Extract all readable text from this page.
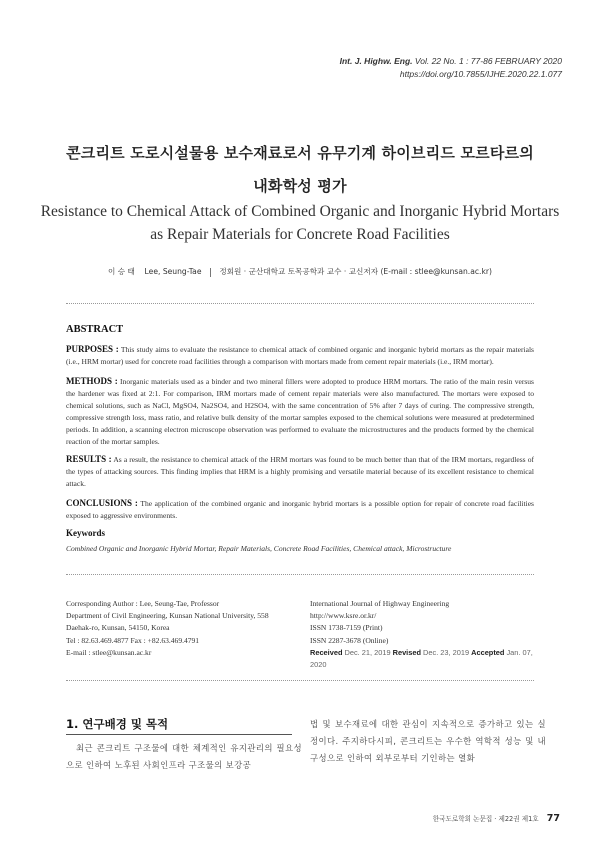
Int. J. Highw. Eng. Vol. 22 No. 1 : 77-86 FEBRUARY 2020
https://doi.org/10.7855/IJHE.2020.22.1.077
콘크리트 도로시설물용 보수재료로서 유무기계 하이브리드 모르타르의
내화학성 평가
Resistance to Chemical Attack of Combined Organic and Inorganic Hybrid Mortars
as Repair Materials for Concrete Road Facilities
이 승 태 Lee, Seung-Tae 정회원 · 군산대학교 토목공학과 교수 · 교신저자 (E-mail : stlee@kunsan.ac.kr)
ABSTRACT
PURPOSES : This study aims to evaluate the resistance to chemical attack of combined organic and inorganic hybrid mortars as the repair materials (i.e., HRM mortar) used for concrete road facilities through a comparison with mortars made from cement repair materials (i.e., IRM mortar).
METHODS : Inorganic materials used as a binder and two mineral fillers were adopted to produce HRM mortars. The ratio of the main resin versus the hardener was fixed at 2:1. For comparison, IRM mortars made of cement repair materials were also manufactured. The mortars were exposed to chemical solutions, such as NaCl, MgSO4, Na2SO4, and H2SO4, with the same concentration of 5% after 7 days of curing. The compressive strength, compressive strength loss, mass ratio, and relative bulk density of the mortar samples exposed to the chemical solutions were measured at predetermined periods. In addition, a scanning electron microscope observation was performed to evaluate the microstructures and the products formed by the chemical reaction of the mortar samples.
RESULTS : As a result, the resistance to chemical attack of the HRM mortars was found to be much better than that of the IRM mortars, regardless of the types of attacking sources. This finding implies that HRM is a highly promising and versatile material because of its excellent resistance to chemical attack.
CONCLUSIONS : The application of the combined organic and inorganic hybrid mortars is a possible option for repair of concrete road facilities exposed to aggressive environments.
Keywords
Combined Organic and Inorganic Hybrid Mortar, Repair Materials, Concrete Road Facilities, Chemical attack, Microstructure
Corresponding Author : Lee, Seung-Tae, Professor
Department of Civil Engineering, Kunsan National University, 558
Daehak-ro, Kunsan, 54150, Korea
Tel : 82.63.469.4877 Fax : +82.63.469.4791
E-mail : stlee@kunsan.ac.kr
International Journal of Highway Engineering
http://www.ksre.or.kr/
ISSN 1738-7159 (Print)
ISSN 2287-3678 (Online)
Received Dec. 21, 2019 Revised Dec. 23, 2019 Accepted Jan. 07, 2020
1. 연구배경 및 목적
최근 콘크리트 구조물에 대한 체계적인 유지관리의 필요성으로 인하여 노후된 사회인프라 구조물의 보강공
법 및 보수재료에 대한 관심이 지속적으로 증가하고 있는 실정이다. 주지하다시피, 콘크리트는 우수한 역학적 성능 및 내구성으로 인하여 외부로부터 기인하는 열화
한국도로학회 논문집 · 제22권 제1호 77
